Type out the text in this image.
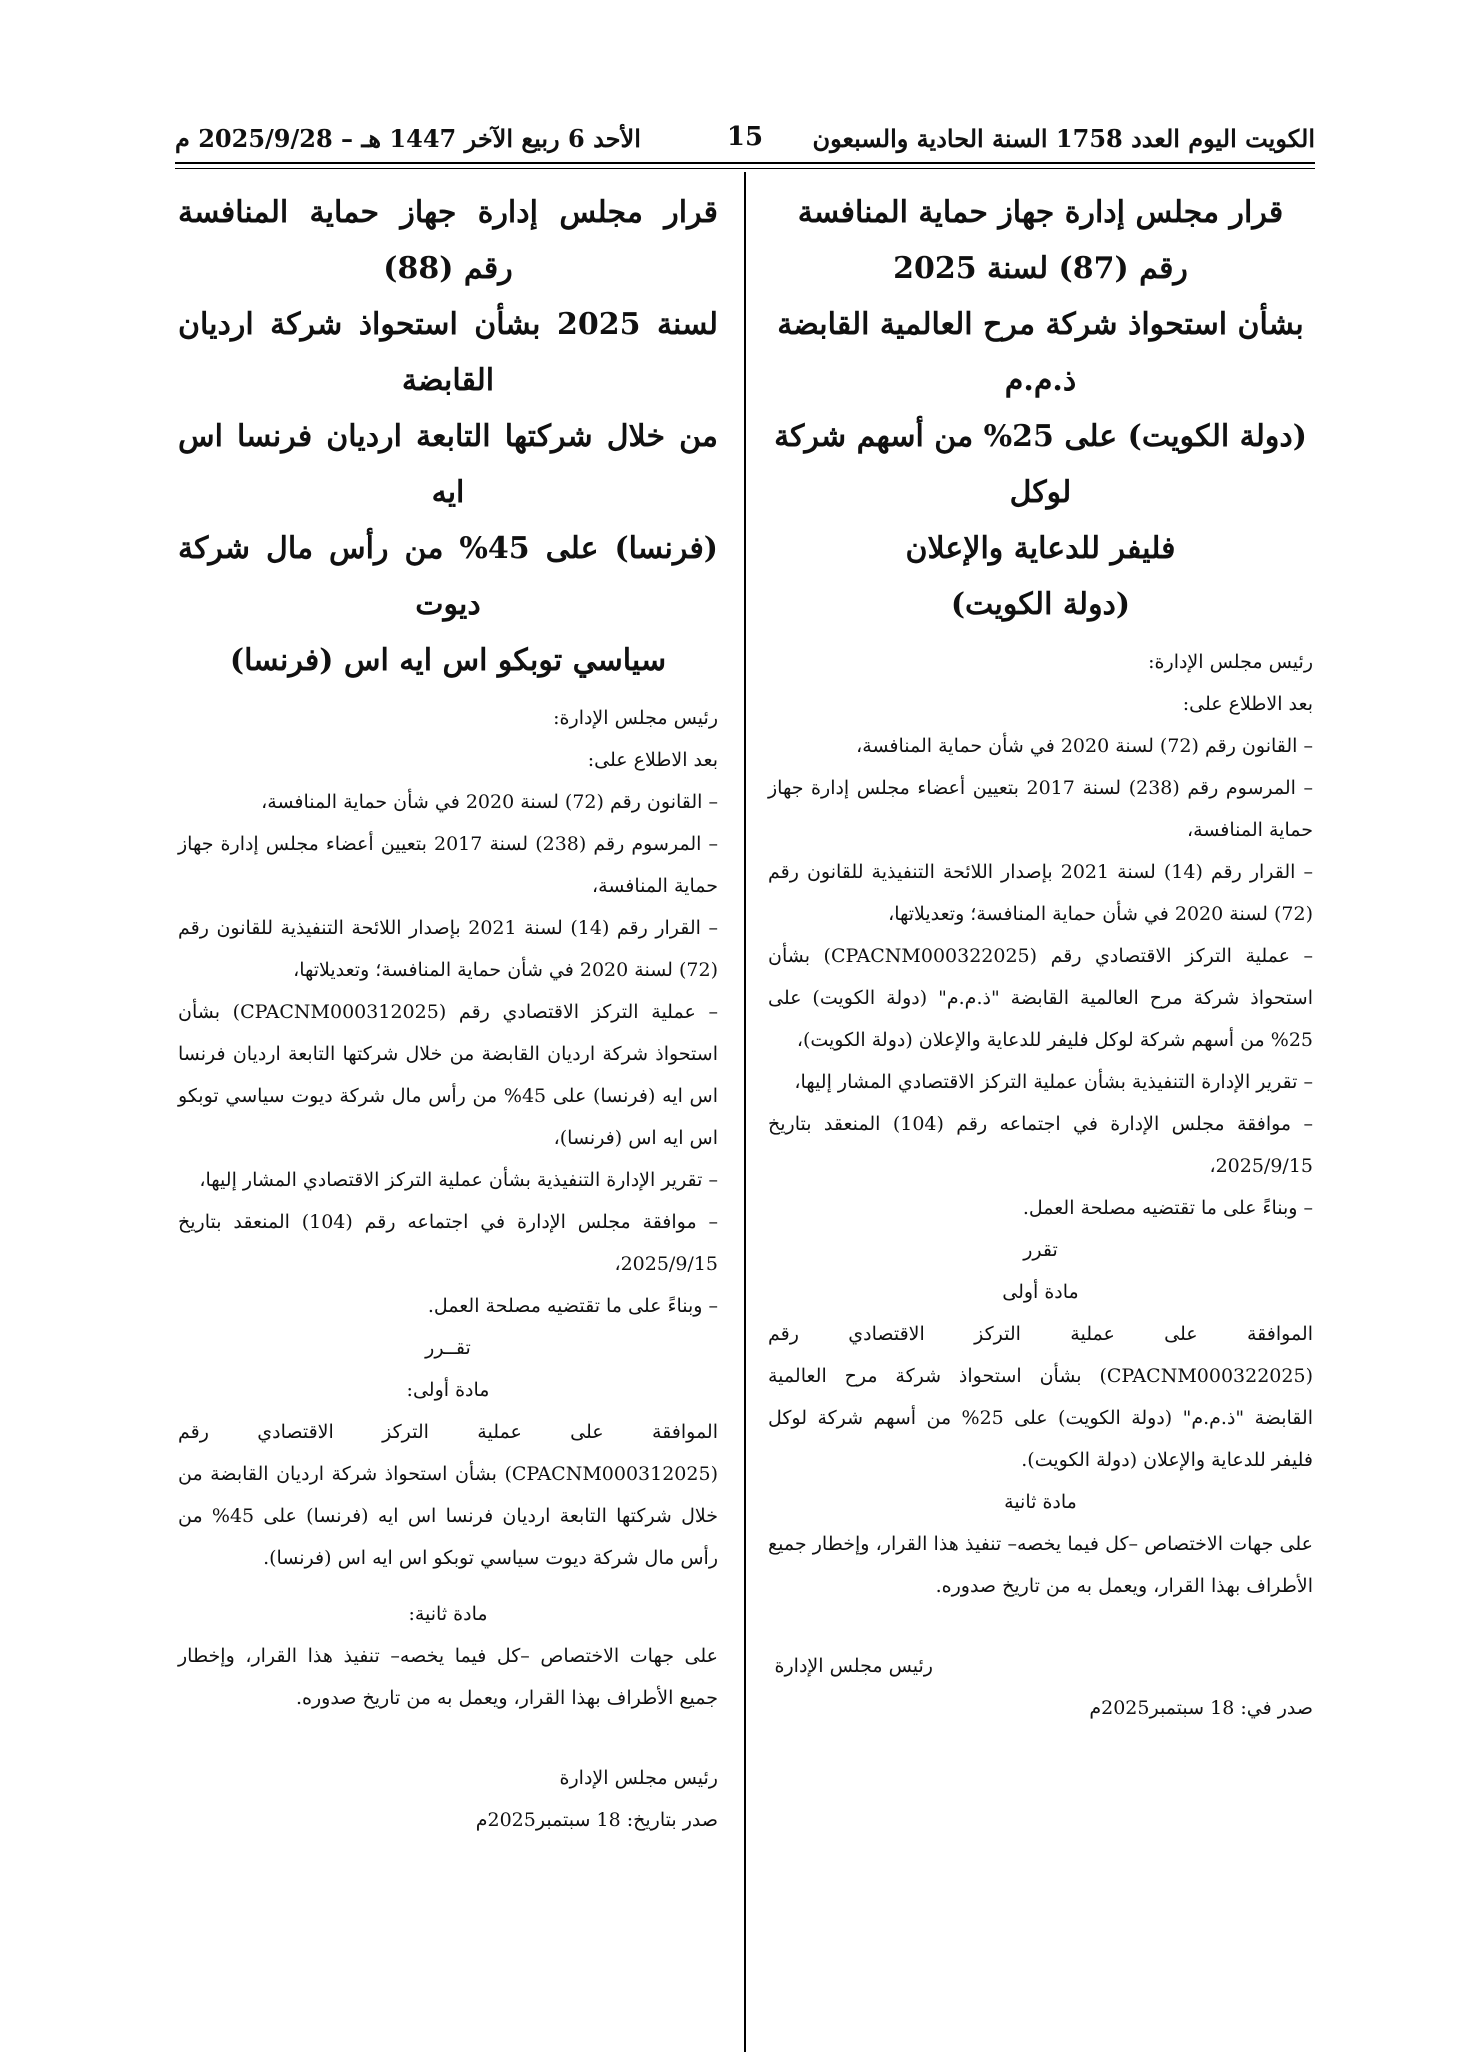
الكويت اليوم العدد 1758 السنة الحادية والسبعون
15
الأحد 6 ربيع الآخر 1447 هـ – 2025/9/28 م
قرار مجلس إدارة جهاز حماية المنافسة
رقم (87) لسنة 2025
بشأن استحواذ شركة مرح العالمية القابضة ذ.م.م
(دولة الكويت) على 25% من أسهم شركة لوكل
فليفر للدعاية والإعلان
(دولة الكويت)

رئيس مجلس الإدارة:

بعد الاطلاع على:

– القانون رقم (72) لسنة 2020 في شأن حماية المنافسة،

– المرسوم رقم (238) لسنة 2017 بتعيين أعضاء مجلس إدارة جهاز حماية المنافسة،

– القرار رقم (14) لسنة 2021 بإصدار اللائحة التنفيذية للقانون رقم (72) لسنة 2020 في شأن حماية المنافسة؛ وتعديلاتها،

– عملية التركز الاقتصادي رقم (CPACNM000322025) بشأن استحواذ شركة مرح العالمية القابضة "ذ.م.م" (دولة الكويت) على 25% من أسهم شركة لوكل فليفر للدعاية والإعلان (دولة الكويت)،

– تقرير الإدارة التنفيذية بشأن عملية التركز الاقتصادي المشار إليها،

– موافقة مجلس الإدارة في اجتماعه رقم (104) المنعقد بتاريخ 2025/9/15،

– وبناءً على ما تقتضيه مصلحة العمل.

تقرر

مادة أولى

الموافقة على عملية التركز الاقتصادي رقم (CPACNM000322025) بشأن استحواذ شركة مرح العالمية القابضة "ذ.م.م" (دولة الكويت) على 25% من أسهم شركة لوكل فليفر للدعاية والإعلان (دولة الكويت).

مادة ثانية

على جهات الاختصاص –كل فيما يخصه– تنفيذ هذا القرار، وإخطار جميع الأطراف بهذا القرار، ويعمل به من تاريخ صدوره.

رئيس مجلس الإدارة

صدر في: 18 سبتمبر2025م

قرار مجلس إدارة جهاز حماية المنافسة رقم (88)
لسنة 2025 بشأن استحواذ شركة اردیان القابضة
من خلال شركتها التابعة اردیان فرنسا اس ایه
(فرنسا) على 45% من رأس مال شركة دیوت
سیاسي توبكو اس ایه اس (فرنسا)

رئيس مجلس الإدارة:

بعد الاطلاع على:

– القانون رقم (72) لسنة 2020 في شأن حماية المنافسة،

– المرسوم رقم (238) لسنة 2017 بتعيين أعضاء مجلس إدارة جهاز حماية المنافسة،

– القرار رقم (14) لسنة 2021 بإصدار اللائحة التنفيذية للقانون رقم (72) لسنة 2020 في شأن حماية المنافسة؛ وتعديلاتها،

– عملية التركز الاقتصادي رقم (CPACNM000312025) بشأن استحواذ شركة اردیان القابضة من خلال شركتها التابعة اردیان فرنسا اس ایه (فرنسا) على 45% من رأس مال شركة دیوت سیاسي توبكو اس ایه اس (فرنسا)،

– تقرير الإدارة التنفيذية بشأن عملية التركز الاقتصادي المشار إليها،

– موافقة مجلس الإدارة في اجتماعه رقم (104) المنعقد بتاريخ 2025/9/15،

– وبناءً على ما تقتضيه مصلحة العمل.

تقــرر

مادة أولى:

الموافقة على عملية التركز الاقتصادي رقم (CPACNM000312025) بشأن استحواذ شركة اردیان القابضة من خلال شركتها التابعة اردیان فرنسا اس ایه (فرنسا) على 45% من رأس مال شركة دیوت سیاسي توبكو اس ایه اس (فرنسا).

مادة ثانية:

على جهات الاختصاص –كل فيما يخصه– تنفيذ هذا القرار، وإخطار جميع الأطراف بهذا القرار، ويعمل به من تاريخ صدوره.

رئيس مجلس الإدارة

صدر بتاريخ: 18 سبتمبر2025م
